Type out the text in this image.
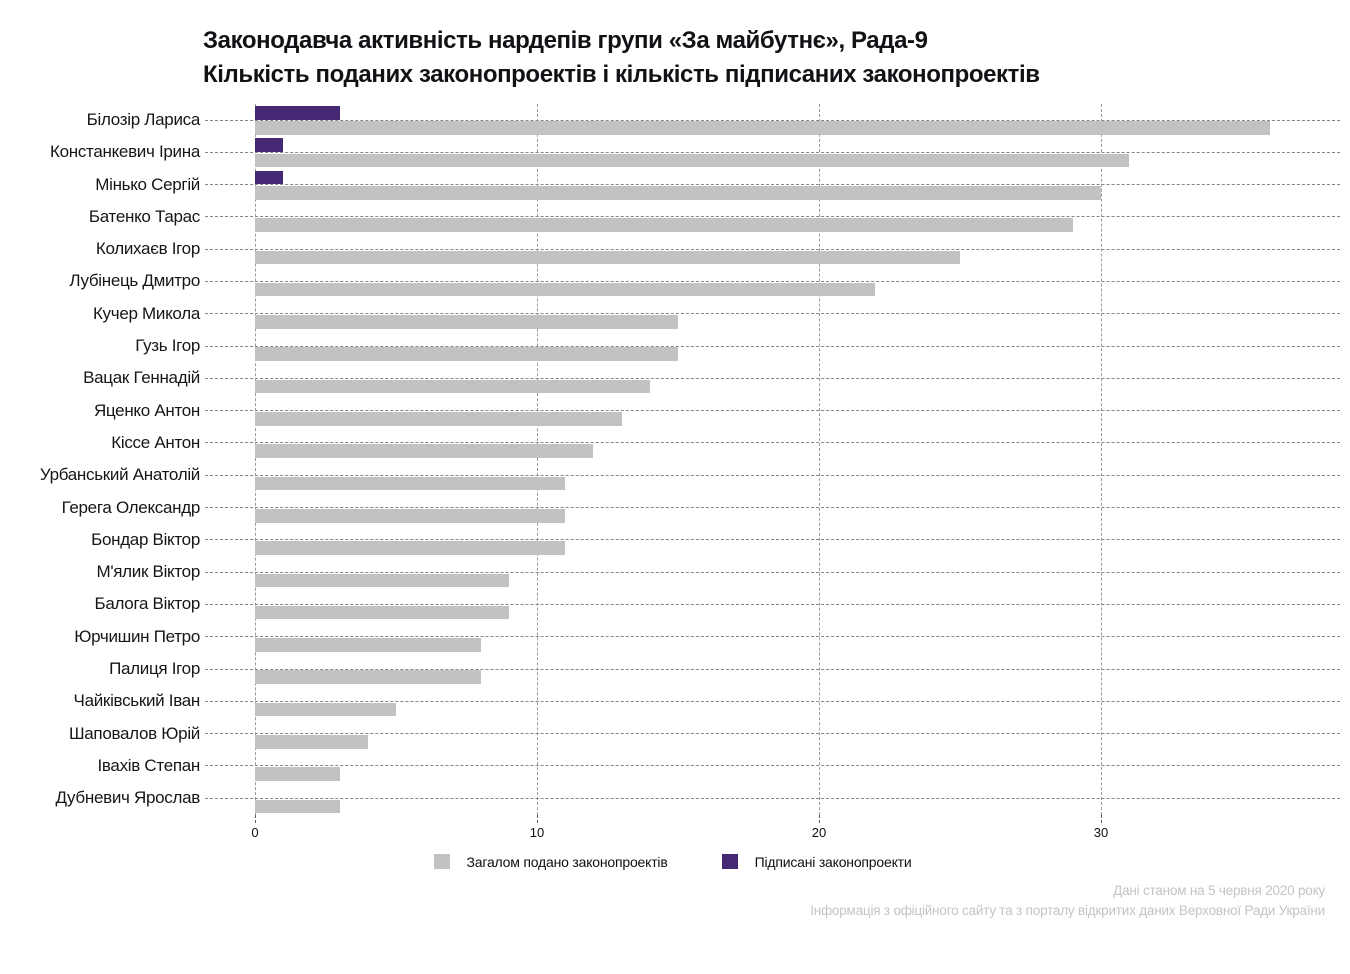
Законодавча активність нардепів групи «За майбутнє», Рада-9
Кількість поданих законопроектів і кількість підписаних законопроектів
Білозір Лариса
Констанкевич Ірина
Мінько Сергій
Батенко Тарас
Колихаєв Ігор
Лубінець Дмитро
Кучер Микола
Гузь Ігор
Вацак Геннадій
Яценко Антон
Кіссе Антон
Урбанський Анатолій
Герега Олександр
Бондар Віктор
М'ялик Віктор
Балога Віктор
Юрчишин Петро
Палиця Ігор
Чайківський Іван
Шаповалов Юрій
Івахів Степан
Дубневич Ярослав
0	10	20	30
Загалом подано законопроектів	Підписані законопроекти
Дані станом на 5 червня 2020 року
Інформація з офіційного сайту та з порталу відкритих даних Верховної Ради України
